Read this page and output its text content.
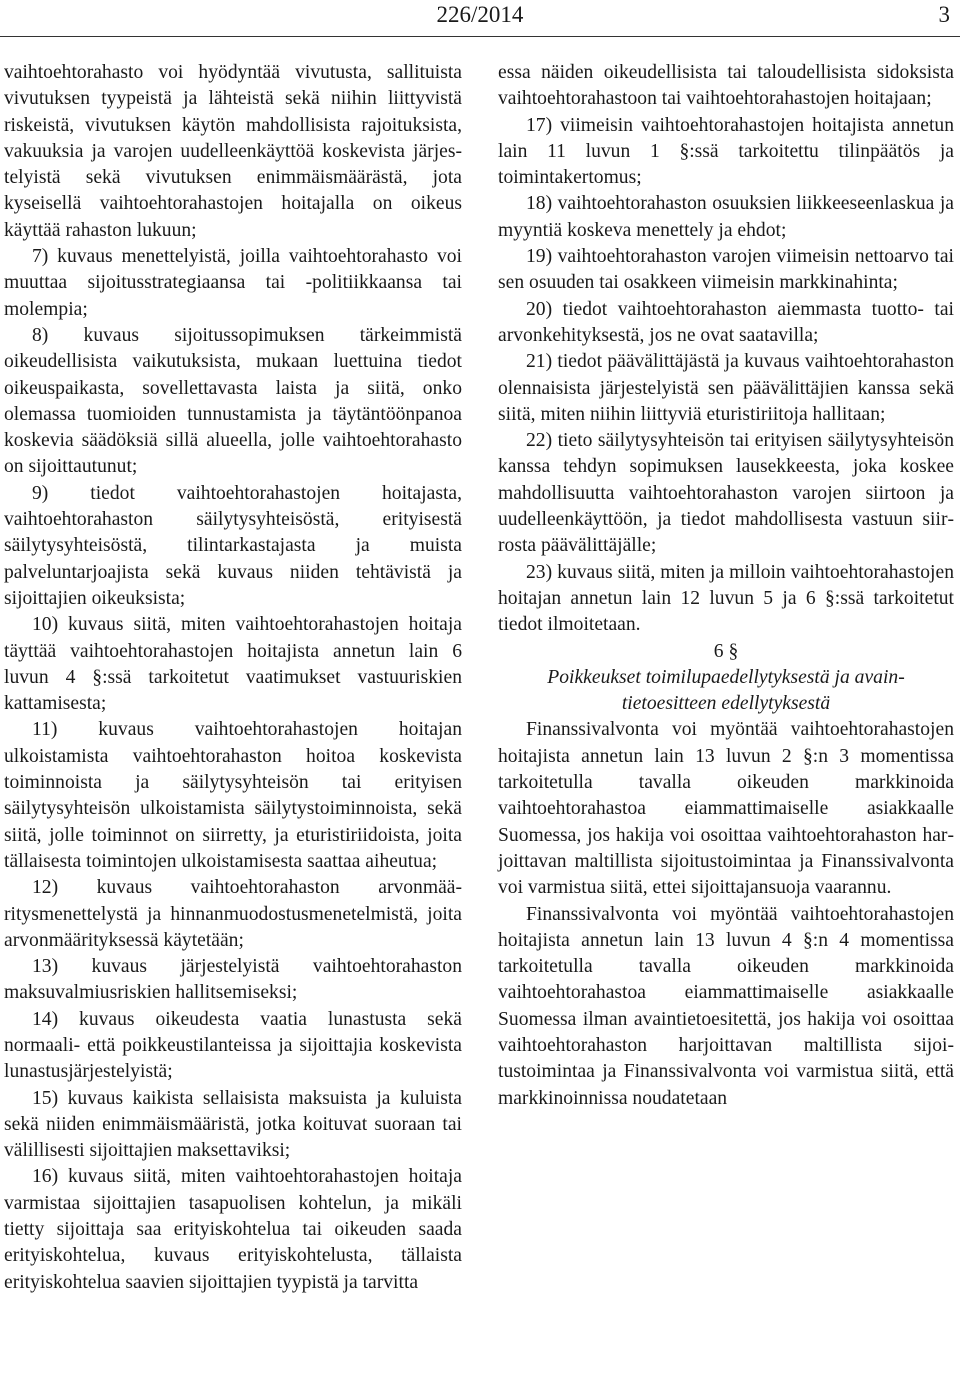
226/2014	3

vaihtoehtorahasto voi hyödyntää vivutusta, sallituista vivutuksen tyypeistä ja lähteistä sekä niihin liittyvistä riskeistä, vivutuksen käytön mahdollisista rajoituksista, vakuuksia ja varojen uudelleenkäyttöä koskevista järjestelyistä sekä vivutuksen enimmäismäärästä, jota kyseisellä vaihtoehtorahastojen hoitajalla on oikeus käyttää rahaston lukuun;

7) kuvaus menettelyistä, joilla vaihtoehtorahasto voi muuttaa sijoitusstrategiaansa tai -politiikkaansa tai molempia;

8) kuvaus sijoitussopimuksen tärkeimmistä oikeudellisista vaikutuksista, mukaan luettuina tiedot oikeuspaikasta, sovellettavasta laista ja siitä, onko olemassa tuomioiden tunnustamista ja täytäntöönpanoa koskevia säädöksiä sillä alueella, jolle vaihtoehtorahasto on sijoittautunut;

9) tiedot vaihtoehtorahastojen hoitajasta, vaihtoehtorahaston säilytysyhteisöstä, erityisestä säilytysyhteisöstä, tilintarkastajasta ja muista palveluntarjoajista sekä kuvaus niiden tehtävistä ja sijoittajien oikeuksista;

10) kuvaus siitä, miten vaihtoehtorahastojen hoitaja täyttää vaihtoehtorahastojen hoitajista annetun lain 6 luvun 4 §:ssä tarkoitetut vaatimukset vastuuriskien kattamisesta;

11) kuvaus vaihtoehtorahastojen hoitajan ulkoistamista vaihtoehtorahaston hoitoa koskevista toiminnoista ja säilytysyhteisön tai erityisen säilytysyhteisön ulkoistamista säilytystoiminnoista, sekä siitä, jolle toiminnot on siirretty, ja eturistiriidoista, joita tällaisesta toimintojen ulkoistamisesta saattaa aiheutua;

12) kuvaus vaihtoehtorahaston arvonmääritysmenettelystä ja hinnanmuodostusmenetelmistä, joita arvonmäärityksessä käytetään;

13) kuvaus järjestelyistä vaihtoehtorahaston maksuvalmiusriskien hallitsemiseksi;

14) kuvaus oikeudesta vaatia lunastusta sekä normaali- että poikkeustilanteissa ja sijoittajia koskevista lunastusjärjestelyistä;

15) kuvaus kaikista sellaisista maksuista ja kuluista sekä niiden enimmäismääristä, jotka koituvat suoraan tai välillisesti sijoittajien maksettaviksi;

16) kuvaus siitä, miten vaihtoehtorahastojen hoitaja varmistaa sijoittajien tasapuolisen kohtelun, ja mikäli tietty sijoittaja saa erityiskohtelua tai oikeuden saada erityiskohtelua, kuvaus erityiskohtelusta, tällaista erityiskohtelua saavien sijoittajien tyypistä ja tarvitta

essa näiden oikeudellisista tai taloudellisista sidoksista vaihtoehtorahastoon tai vaihtoehtorahastojen hoitajaan;

17) viimeisin vaihtoehtorahastojen hoitajista annetun lain 11 luvun 1 §:ssä tarkoitettu tilinpäätös ja toimintakertomus;

18) vaihtoehtorahaston osuuksien liikkeeseenlaskua ja myyntiä koskeva menettely ja ehdot;

19) vaihtoehtorahaston varojen viimeisin nettoarvo tai sen osuuden tai osakkeen viimeisin markkinahinta;

20) tiedot vaihtoehtorahaston aiemmasta tuotto- tai arvonkehityksestä, jos ne ovat saatavilla;

21) tiedot päävälittäjästä ja kuvaus vaihtoehtorahaston olennaisista järjestelyistä sen päävälittäjien kanssa sekä siitä, miten niihin liittyviä eturistiriitoja hallitaan;

22) tieto säilytysyhteisön tai erityisen säilytysyhteisön kanssa tehdyn sopimuksen lausekkeesta, joka koskee mahdollisuutta vaihtoehtorahaston varojen siirtoon ja uudelleenkäyttöön, ja tiedot mahdollisesta vastuun siirrosta päävälittäjälle;

23) kuvaus siitä, miten ja milloin vaihtoehtorahastojen hoitajan annetun lain 12 luvun 5 ja 6 §:ssä tarkoitetut tiedot ilmoitetaan.

6 §

Poikkeukset toimilupaedellytyksestä ja avaintietoesitteen edellytyksestä

Finanssivalvonta voi myöntää vaihtoehtorahastojen hoitajista annetun lain 13 luvun 2 §:n 3 momentissa tarkoitetulla tavalla oikeuden markkinoida vaihtoehtorahastoa eiammattimaiselle asiakkaalle Suomessa, jos hakija voi osoittaa vaihtoehtorahaston harjoittavan maltillista sijoitustoimintaa ja Finanssivalvonta voi varmistua siitä, ettei sijoittajansuoja vaarannu.

Finanssivalvonta voi myöntää vaihtoehtorahastojen hoitajista annetun lain 13 luvun 4 §:n 4 momentissa tarkoitetulla tavalla oikeuden markkinoida vaihtoehtorahastoa eiammattimaiselle asiakkaalle Suomessa ilman avaintietoesitettä, jos hakija voi osoittaa vaihtoehtorahaston harjoittavan maltillista sijoitustoimintaa ja Finanssivalvonta voi varmistua siitä, että markkinoinnissa noudatetaan
